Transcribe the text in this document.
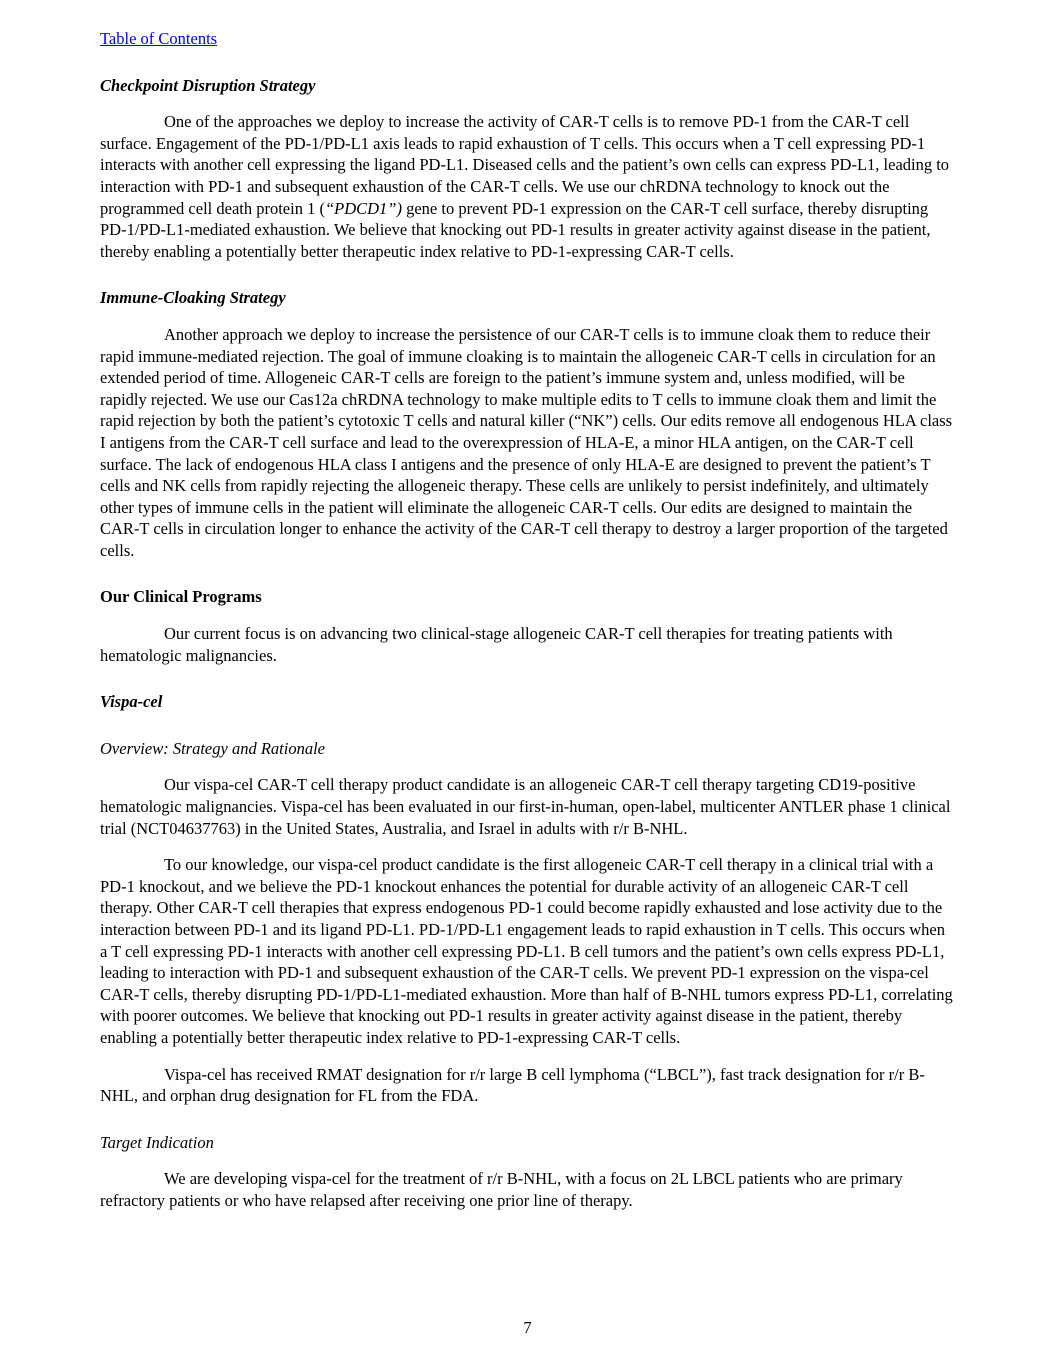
Table of Contents
Checkpoint Disruption Strategy

One of the approaches we deploy to increase the activity of CAR-T cells is to remove PD-1 from the CAR-T cell surface. Engagement of the PD-1/PD-L1 axis leads to rapid exhaustion of T cells. This occurs when a T cell expressing PD-1 interacts with another cell expressing the ligand PD-L1. Diseased cells and the patient’s own cells can express PD-L1, leading to interaction with PD-1 and subsequent exhaustion of the CAR-T cells. We use our chRDNA technology to knock out the programmed cell death protein 1 (“PDCD1”) gene to prevent PD-1 expression on the CAR-T cell surface, thereby disrupting PD-1/PD-L1-mediated exhaustion. We believe that knocking out PD-1 results in greater activity against disease in the patient, thereby enabling a potentially better therapeutic index relative to PD-1-expressing CAR-T cells.

Immune-Cloaking Strategy

Another approach we deploy to increase the persistence of our CAR-T cells is to immune cloak them to reduce their rapid immune-mediated rejection. The goal of immune cloaking is to maintain the allogeneic CAR-T cells in circulation for an extended period of time. Allogeneic CAR-T cells are foreign to the patient’s immune system and, unless modified, will be rapidly rejected. We use our Cas12a chRDNA technology to make multiple edits to T cells to immune cloak them and limit the rapid rejection by both the patient’s cytotoxic T cells and natural killer (“NK”) cells. Our edits remove all endogenous HLA class I antigens from the CAR-T cell surface and lead to the overexpression of HLA-E, a minor HLA antigen, on the CAR-T cell surface. The lack of endogenous HLA class I antigens and the presence of only HLA-E are designed to prevent the patient’s T cells and NK cells from rapidly rejecting the allogeneic therapy. These cells are unlikely to persist indefinitely, and ultimately other types of immune cells in the patient will eliminate the allogeneic CAR-T cells. Our edits are designed to maintain the CAR-T cells in circulation longer to enhance the activity of the CAR-T cell therapy to destroy a larger proportion of the targeted cells.

Our Clinical Programs

Our current focus is on advancing two clinical-stage allogeneic CAR-T cell therapies for treating patients with hematologic malignancies.

Vispa-cel
Overview: Strategy and Rationale

Our vispa-cel CAR-T cell therapy product candidate is an allogeneic CAR-T cell therapy targeting CD19-positive hematologic malignancies. Vispa-cel has been evaluated in our first-in-human, open-label, multicenter ANTLER phase 1 clinical trial (NCT04637763) in the United States, Australia, and Israel in adults with r/r B-NHL.

To our knowledge, our vispa-cel product candidate is the first allogeneic CAR-T cell therapy in a clinical trial with a PD-1 knockout, and we believe the PD-1 knockout enhances the potential for durable activity of an allogeneic CAR-T cell therapy. Other CAR-T cell therapies that express endogenous PD-1 could become rapidly exhausted and lose activity due to the interaction between PD-1 and its ligand PD-L1. PD-1/PD-L1 engagement leads to rapid exhaustion in T cells. This occurs when a T cell expressing PD-1 interacts with another cell expressing PD-L1. B cell tumors and the patient’s own cells express PD-L1, leading to interaction with PD-1 and subsequent exhaustion of the CAR-T cells. We prevent PD-1 expression on the vispa-cel CAR-T cells, thereby disrupting PD-1/PD-L1-mediated exhaustion. More than half of B-NHL tumors express PD-L1, correlating with poorer outcomes. We believe that knocking out PD-1 results in greater activity against disease in the patient, thereby enabling a potentially better therapeutic index relative to PD-1-expressing CAR-T cells.

Vispa-cel has received RMAT designation for r/r large B cell lymphoma (“LBCL”), fast track designation for r/r B-NHL, and orphan drug designation for FL from the FDA.

Target Indication

We are developing vispa-cel for the treatment of r/r B-NHL, with a focus on 2L LBCL patients who are primary refractory patients or who have relapsed after receiving one prior line of therapy.

7
